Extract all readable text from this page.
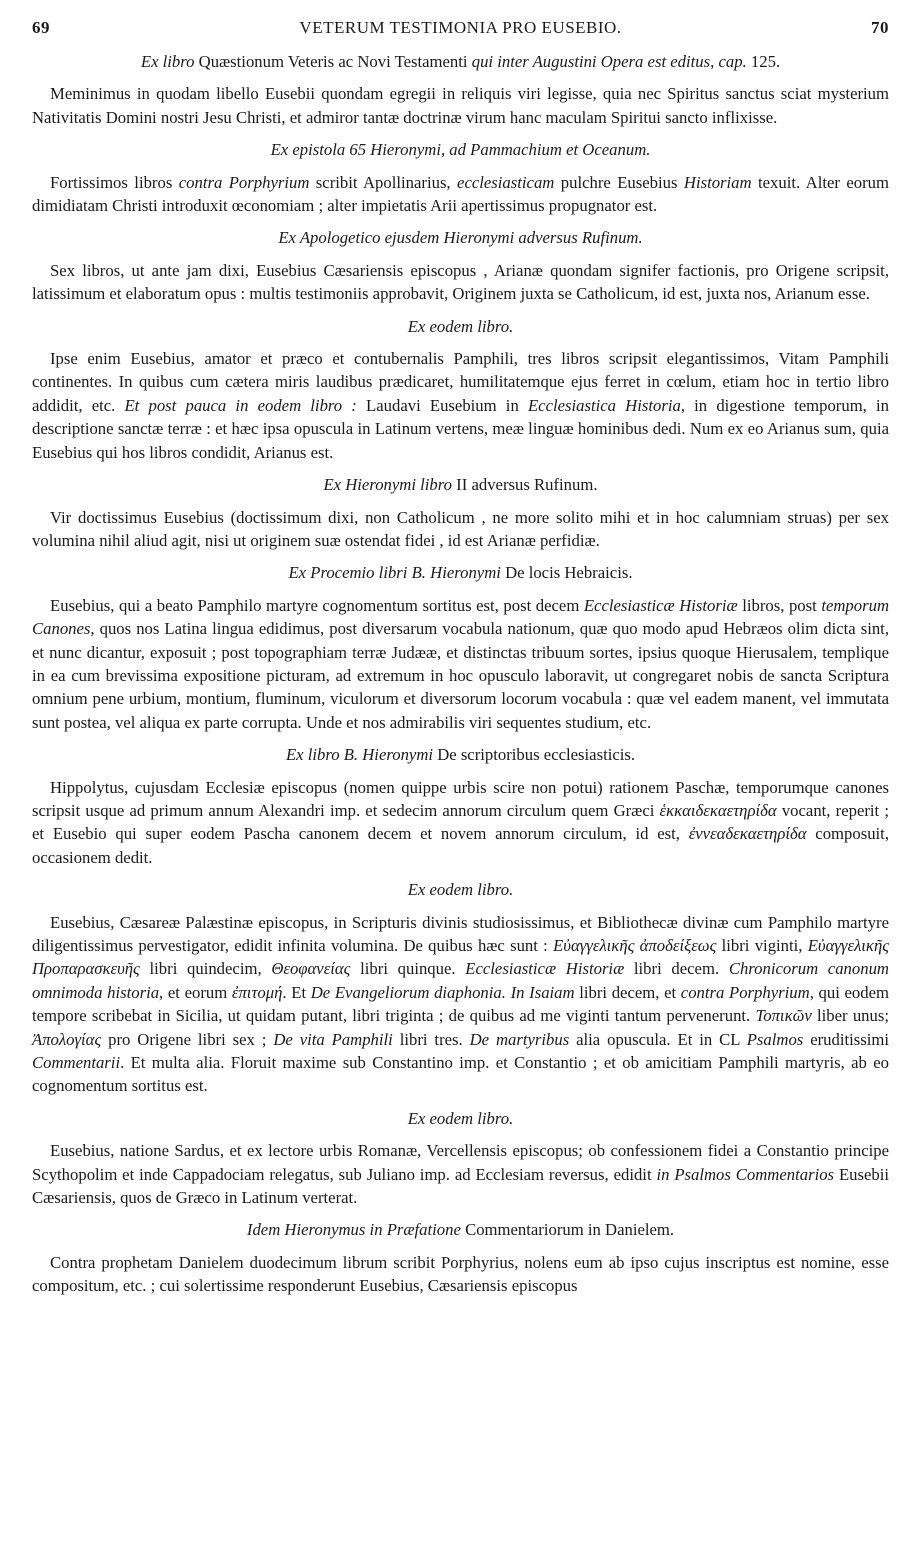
69	VETERUM TESTIMONIA PRO EUSEBIO.	70

Ex libro Quæstionum Veteris ac Novi Testamenti qui inter Augustini Opera est editus, cap. 125.

Meminimus in quodam libello Eusebii quondam egregii in reliquis viri legisse, quia nec Spiritus sanctus sciat mysterium Nativitatis Domini nostri Jesu Christi, et admiror tantæ doctrinæ virum hanc maculam Spiritui sancto inflixisse.

Ex epistola 65 Hieronymi, ad Pammachium et Oceanum.

Fortissimos libros contra Porphyrium scribit Apollinarius, ecclesiasticam pulchre Eusebius Historiam texuit. Alter eorum dimidiatam Christi introduxit œconomiam ; alter impietatis Arii apertissimus propugnator est.

Ex Apologetico ejusdem Hieronymi adversus Rufinum.

Sex libros, ut ante jam dixi, Eusebius Cæsariensis episcopus , Arianæ quondam signifer factionis, pro Origene scripsit, latissimum et elaboratum opus : multis testimoniis approbavit, Originem juxta se Catholicum, id est, juxta nos, Arianum esse.

Ex eodem libro.

Ipse enim Eusebius, amator et præco et contubernalis Pamphili, tres libros scripsit elegantissimos, Vitam Pamphili continentes. In quibus cum cætera miris laudibus prædicaret, humilitatemque ejus ferret in cœlum, etiam hoc in tertio libro addidit, etc. Et post pauca in eodem libro : Laudavi Eusebium in Ecclesiastica Historia, in digestione temporum, in descriptione sanctæ terræ : et hæc ipsa opuscula in Latinum vertens, meæ linguæ hominibus dedi. Num ex eo Arianus sum, quia Eusebius qui hos libros condidit, Arianus est.

Ex Hieronymi libro II adversus Rufinum.

Vir doctissimus Eusebius (doctissimum dixi, non Catholicum , ne more solito mihi et in hoc calumniam struas) per sex volumina nihil aliud agit, nisi ut originem suæ ostendat fidei , id est Arianæ perfidiæ.

Ex Procemio libri B. Hieronymi De locis Hebraicis.

Eusebius, qui a beato Pamphilo martyre cognomentum sortitus est, post decem Ecclesiasticæ Historiæ libros, post temporum Canones, quos nos Latina lingua edidimus, post diversarum vocabula nationum, quæ quo modo apud Hebræos olim dicta sint, et nunc dicantur, exposuit ; post topographiam terræ Judææ, et distinctas tribuum sortes, ipsius quoque Hierusalem, templique in ea cum brevissima expositione picturam, ad extremum in hoc opusculo laboravit, ut congregaret nobis de sancta Scriptura omnium pene urbium, montium, fluminum, viculorum et diversorum locorum vocabula : quæ vel eadem manent, vel immutata sunt postea, vel aliqua ex parte corrupta. Unde et nos admirabilis viri sequentes studium, etc.

Ex libro B. Hieronymi De scriptoribus ecclesiasticis.

Hippolytus, cujusdam Ecclesiæ episcopus (nomen quippe urbis scire non potui) rationem Paschæ, temporumque canones scripsit usque ad primum annum Alexandri imp. et sedecim annorum circulum quem Græci ἑκκαιδεκαετηρίδα vocant, reperit ; et Eusebio qui super eodem Pascha canonem decem et novem annorum circulum, id est, ἐννεαδεκαετηρίδα composuit, occasionem dedit.

Ex eodem libro.

Eusebius, Cæsareæ Palæstinæ episcopus, in Scripturis divinis studiosissimus, et Bibliothecæ divinæ cum Pamphilo martyre diligentissimus pervestigator, edidit infinita volumina. De quibus hæc sunt : Εὐαγγελικῆς ἀποδείξεως libri viginti, Εὐαγγελικῆς Προπαρασκευῆς libri quindecim, Θεοφανείας libri quinque. Ecclesiasticæ Historiæ libri decem. Chronicorum canonum omnimoda historia, et eorum ἐπιτομή. Et De Evangeliorum diaphonia. In Isaiam libri decem, et contra Porphyrium, qui eodem tempore scribebat in Sicilia, ut quidam putant, libri triginta ; de quibus ad me viginti tantum pervenerunt. Τοπικῶν liber unus; Ἀπολογίας pro Origene libri sex ; De vita Pamphili libri tres. De martyribus alia opuscula. Et in CL Psalmos eruditissimi Commentarii. Et multa alia. Floruit maxime sub Constantino imp. et Constantio ; et ob amicitiam Pamphili martyris, ab eo cognomentum sortitus est.

Ex eodem libro.

Eusebius, natione Sardus, et ex lectore urbis Romanæ, Vercellensis episcopus; ob confessionem fidei a Constantio principe Scythopolim et inde Cappadociam relegatus, sub Juliano imp. ad Ecclesiam reversus, edidit in Psalmos Commentarios Eusebii Cæsariensis, quos de Græco in Latinum verterat.

Idem Hieronymus in Præfatione Commentariorum in Danielem.

Contra prophetam Danielem duodecimum librum scribit Porphyrius, nolens eum ab ipso cujus inscriptus est nomine, esse compositum, etc. ; cui solertissime responderunt Eusebius, Cæsariensis episcopus
